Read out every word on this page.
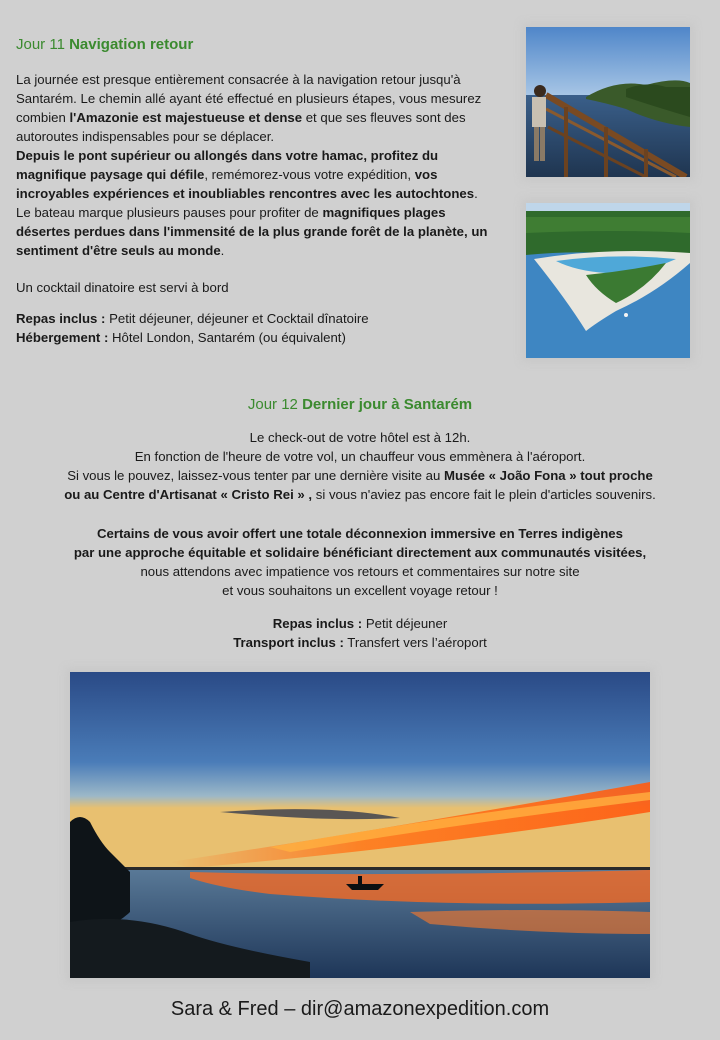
Jour 11 Navigation retour

La journée est presque entièrement consacrée à la navigation retour jusqu'à Santarém. Le chemin allé ayant été effectué en plusieurs étapes, vous mesurez combien l'Amazonie est majestueuse et dense et que ses fleuves sont des autoroutes indispensables pour se déplacer.

Depuis le pont supérieur ou allongés dans votre hamac, profitez du magnifique paysage qui défile, remémorez-vous votre expédition, vos incroyables expériences et inoubliables rencontres avec les autochtones.

Le bateau marque plusieurs pauses pour profiter de magnifiques plages désertes perdues dans l'immensité de la plus grande forêt de la planète, un sentiment d'être seuls au monde.

Un cocktail dinatoire est servi à bord

Repas inclus : Petit déjeuner, déjeuner et Cocktail dînatoire

Hébergement : Hôtel London, Santarém (ou équivalent)

Jour 12 Dernier jour à Santarém
Le check-out de votre hôtel est à 12h.
En fonction de l'heure de votre vol, un chauffeur vous emmènera à l'aéroport.
Si vous le pouvez, laissez-vous tenter par une dernière visite au Musée « João Fona » tout proche
ou au Centre d'Artisanat « Cristo Rei » , si vous n'aviez pas encore fait le plein d'articles souvenirs.
Certains de vous avoir offert une totale déconnexion immersive en Terres indigènes
par une approche équitable et solidaire bénéficiant directement aux communautés visitées,
nous attendons avec impatience vos retours et commentaires sur notre site
et vous souhaitons un excellent voyage retour !
Repas inclus : Petit déjeuner
Transport inclus : Transfert vers l’aéroport
Sara & Fred – dir@amazonexpedition.com
